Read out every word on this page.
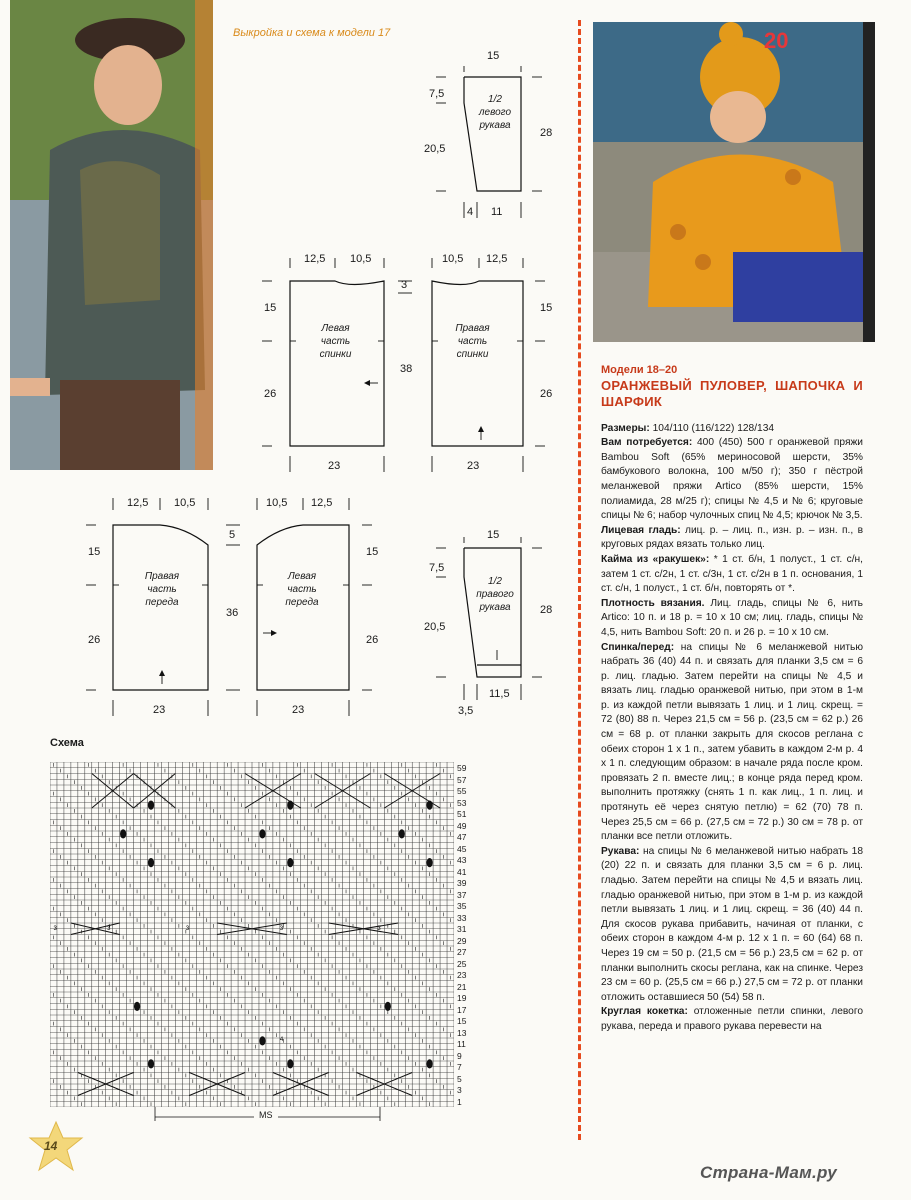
20
Выкройка и схема к модели 17
15
7,5
20,5
28
4 11
1/2
левого
рукава
12,5 10,5
15
26
23
Левая
часть
спинки
10,5 12,5
15
26
23
Правая
часть
спинки
3
38
12,5 10,5
15
26
23
Правая
часть
переда
10,5 12,5
15
26
23
Левая
часть
переда
5
36
15
7,5
20,5
28
11,5
3,5
1/2
правого
рукава
Схема
3	3	3	3	3
4
MS
59
57
55
53
51
49
47
45
43
41
39
37
35
33
31
29
27
25
23
21
19
17
15
13
11
9
7
5
3
1
14
Страна-Мам.ру
Модели 18–20
ОРАНЖЕВЫЙ ПУЛОВЕР, ШАПОЧКА И ШАРФИК

Размеры: 104/110 (116/122) 128/134

Вам потребуется: 400 (450) 500 г оранжевой пряжи Bambou Soft (65% мериносовой шерсти, 35% бамбукового волокна, 100 м/50 г); 350 г пёстрой меланжевой пряжи Artico (85% шерсти, 15% полиамида, 28 м/25 г); спицы № 4,5 и № 6; круговые спицы № 6; набор чулочных спиц № 4,5; крючок № 3,5.

Лицевая гладь: лиц. р. – лиц. п., изн. р. – изн. п., в круговых рядах вязать только лиц.

Кайма из «ракушек»: * 1 ст. б/н, 1 полуст., 1 ст. с/н, затем 1 ст. с/2н, 1 ст. с/3н, 1 ст. с/2н в 1 п. основания, 1 ст. с/н, 1 полуст., 1 ст. б/н, повторять от *.

Плотность вязания. Лиц. гладь, спицы № 6, нить Artico: 10 п. и 18 р. = 10 х 10 см; лиц. гладь, спицы № 4,5, нить Bambou Soft: 20 п. и 26 р. = 10 х 10 см.

Спинка/перед: на спицы № 6 меланжевой нитью набрать 36 (40) 44 п. и связать для планки 3,5 см = 6 р. лиц. гладью. Затем перейти на спицы № 4,5 и вязать лиц. гладью оранжевой нитью, при этом в 1-м р. из каждой петли вывязать 1 лиц. и 1 лиц. скрещ. = 72 (80) 88 п. Через 21,5 см = 56 р. (23,5 см = 62 р.) 26 см = 68 р. от планки закрыть для скосов реглана с обеих сторон 1 х 1 п., затем убавить в каждом 2-м р. 4 х 1 п. следующим образом: в начале ряда после кром. провязать 2 п. вместе лиц.; в конце ряда перед кром. выполнить протяжку (снять 1 п. как лиц., 1 п. лиц. и протянуть её через снятую петлю) = 62 (70) 78 п. Через 25,5 см = 66 р. (27,5 см = 72 р.) 30 см = 78 р. от планки все петли отложить.

Рукава: на спицы № 6 меланжевой нитью набрать 18 (20) 22 п. и связать для планки 3,5 см = 6 р. лиц. гладью. Затем перейти на спицы № 4,5 и вязать лиц. гладью оранжевой нитью, при этом в 1-м р. из каждой петли вывязать 1 лиц. и 1 лиц. скрещ. = 36 (40) 44 п. Для скосов рукава прибавить, начиная от планки, с обеих сторон в каждом 4-м р. 12 х 1 п. = 60 (64) 68 п. Через 19 см = 50 р. (21,5 см = 56 р.) 23,5 см = 62 р. от планки выполнить скосы реглана, как на спинке. Через 23 см = 60 р. (25,5 см = 66 р.) 27,5 см = 72 р. от планки отложить оставшиеся 50 (54) 58 п.

Круглая кокетка: отложенные петли спинки, левого рукава, переда и правого рукава перевести на
